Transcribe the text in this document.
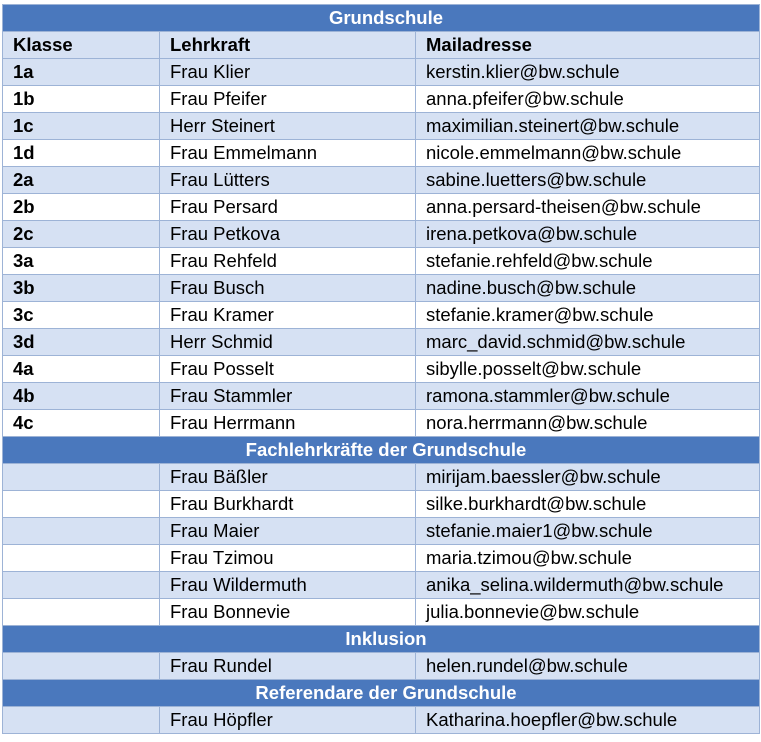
Grundschule		
Klasse	Lehrkraft	Mailadresse
1a	Frau Klier	kerstin.klier@bw.schule
1b	Frau Pfeifer	anna.pfeifer@bw.schule
1c	Herr Steinert	maximilian.steinert@bw.schule
1d	Frau Emmelmann	nicole.emmelmann@bw.schule
2a	Frau Lütters	sabine.luetters@bw.schule
2b	Frau Persard	anna.persard-theisen@bw.schule
2c	Frau Petkova	irena.petkova@bw.schule
3a	Frau Rehfeld	stefanie.rehfeld@bw.schule
3b	Frau Busch	nadine.busch@bw.schule
3c	Frau Kramer	stefanie.kramer@bw.schule
3d	Herr Schmid	marc_david.schmid@bw.schule
4a	Frau Posselt	sibylle.posselt@bw.schule
4b	Frau Stammler	ramona.stammler@bw.schule
4c	Frau Herrmann	nora.herrmann@bw.schule
Fachlehrkräfte der Grundschule		
	Frau Bäßler	mirijam.baessler@bw.schule
	Frau Burkhardt	silke.burkhardt@bw.schule
	Frau Maier	stefanie.maier1@bw.schule
	Frau Tzimou	maria.tzimou@bw.schule
	Frau Wildermuth	anika_selina.wildermuth@bw.schule
	Frau Bonnevie	julia.bonnevie@bw.schule
Inklusion		
	Frau Rundel	helen.rundel@bw.schule
Referendare der Grundschule		
	Frau Höpfler	Katharina.hoepfler@bw.schule
